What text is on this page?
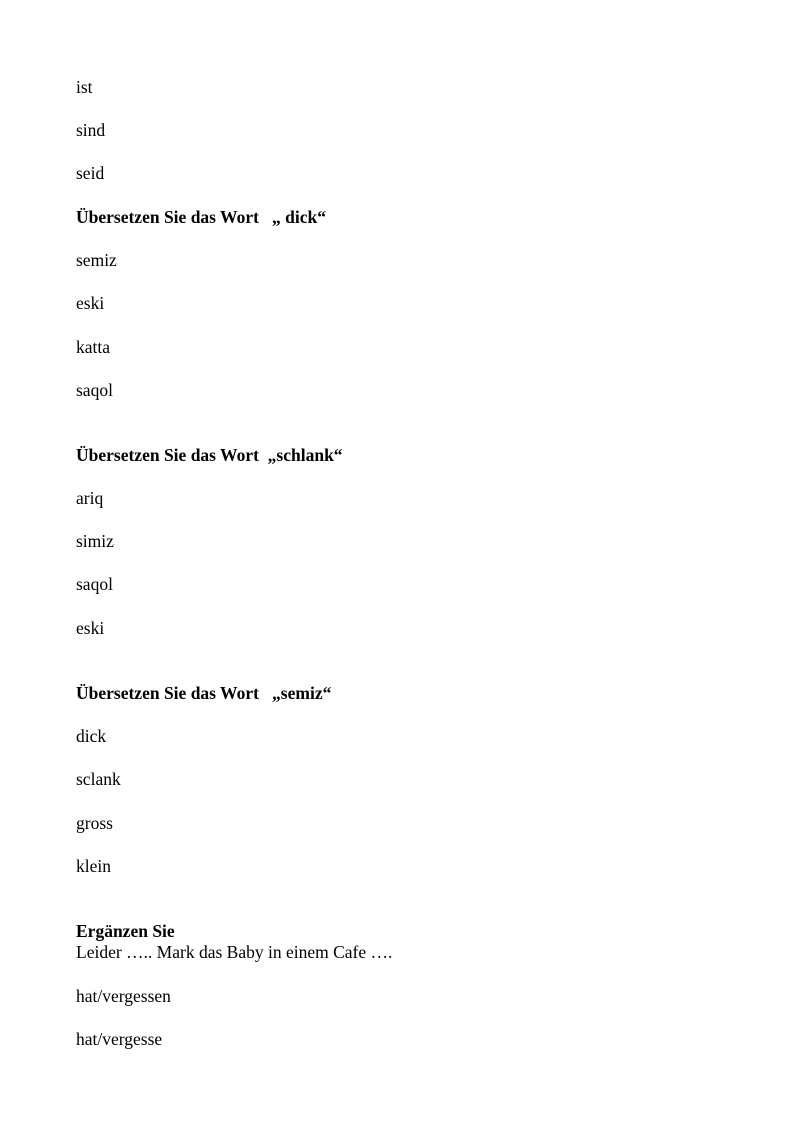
ist
sind
seid
Übersetzen Sie das Wort   „ dick“
semiz
eski
katta
saqol
Übersetzen Sie das Wort  „schlank“
ariq
simiz
saqol
eski
Übersetzen Sie das Wort   „semiz“
dick
sclank
gross
klein
Ergänzen Sie
Leider ….. Mark das Baby in einem Cafe ….
hat/vergessen
hat/vergesse
